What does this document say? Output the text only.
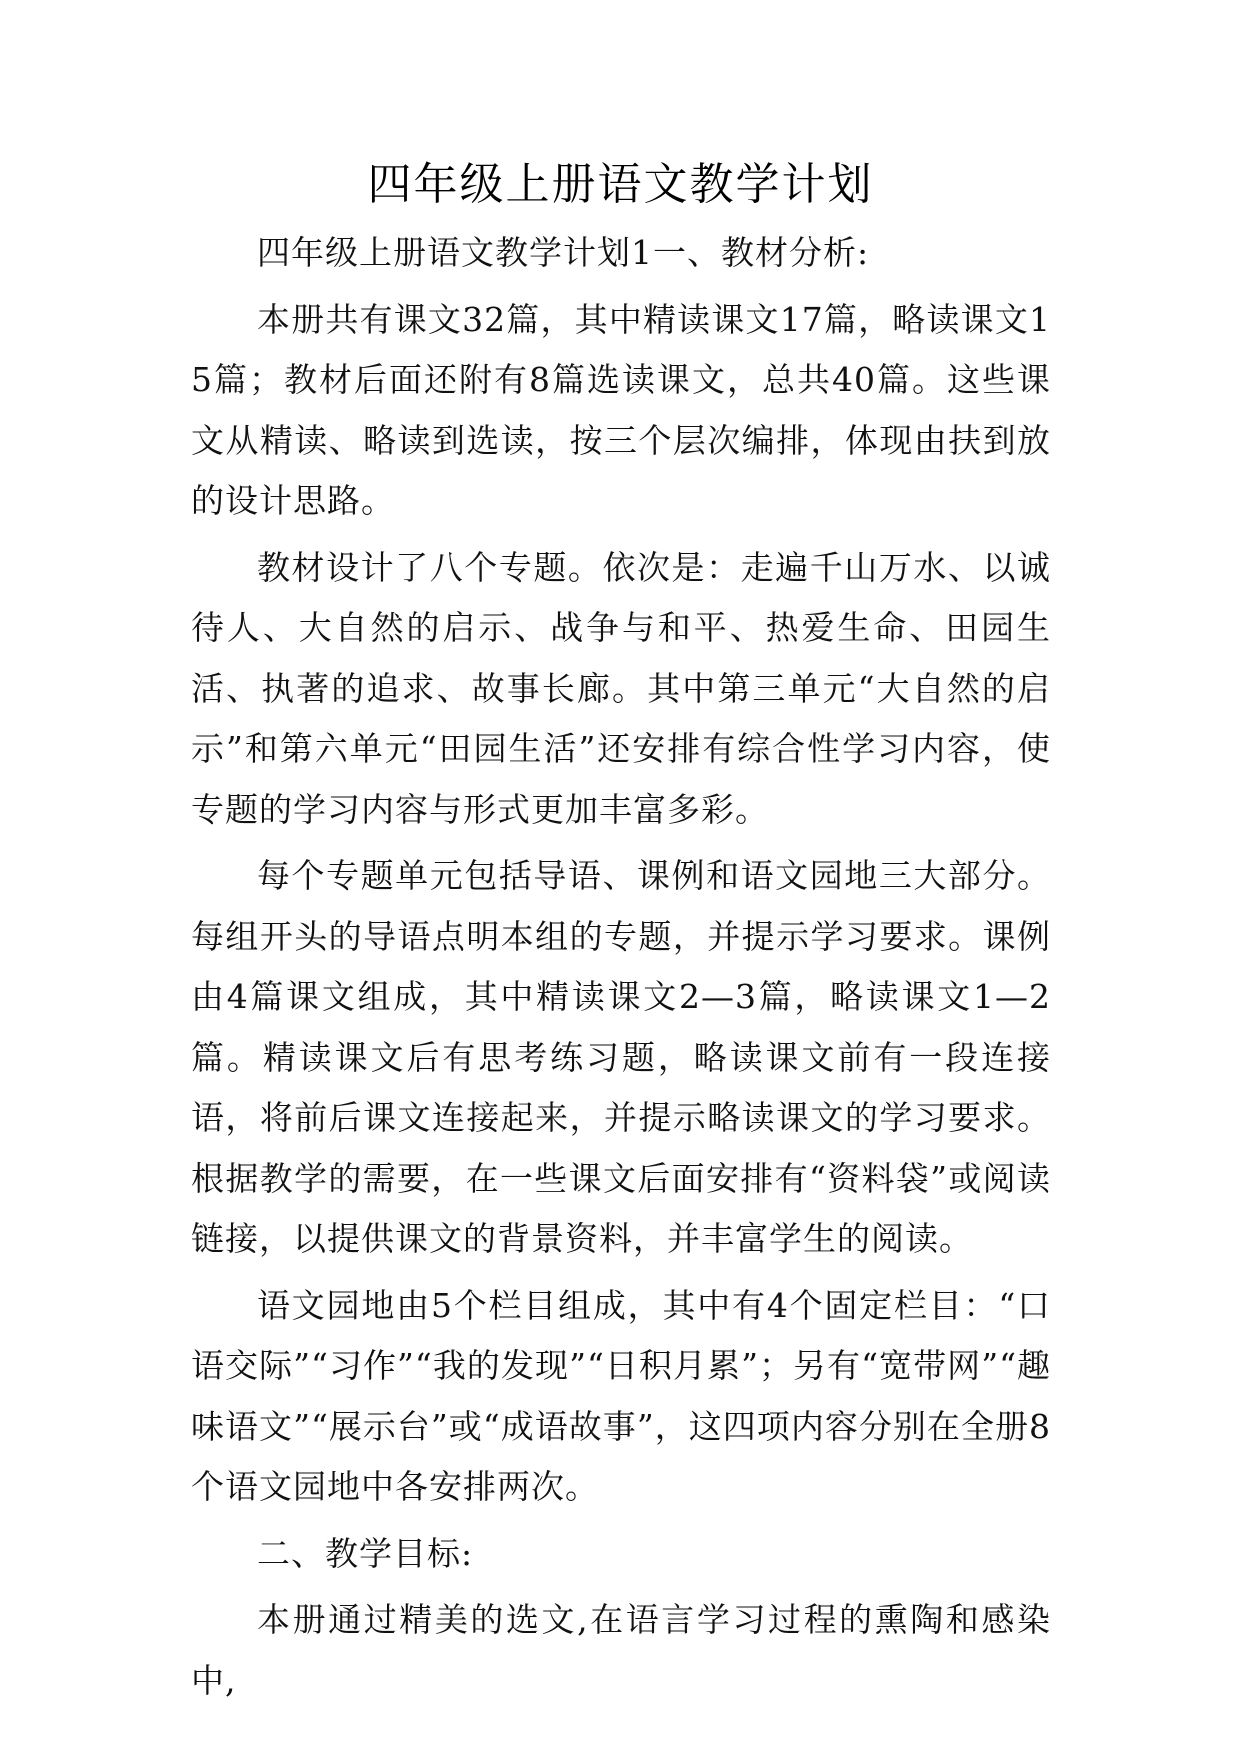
四年级上册语文教学计划

四年级上册语文教学计划1一、教材分析:

本册共有课文32篇，其中精读课文17篇，略读课文15篇；教材后面还附有8篇选读课文，总共40篇。这些课文从精读、略读到选读，按三个层次编排，体现由扶到放的设计思路。

教材设计了八个专题。依次是：走遍千山万水、以诚待人、大自然的启示、战争与和平、热爱生命、田园生活、执著的追求、故事长廊。其中第三单元“大自然的启示”和第六单元“田园生活”还安排有综合性学习内容，使专题的学习内容与形式更加丰富多彩。

每个专题单元包括导语、课例和语文园地三大部分。每组开头的导语点明本组的专题，并提示学习要求。课例由4篇课文组成，其中精读课文2—3篇，略读课文1—2篇。精读课文后有思考练习题，略读课文前有一段连接语，将前后课文连接起来，并提示略读课文的学习要求。根据教学的需要，在一些课文后面安排有“资料袋”或阅读链接，以提供课文的背景资料，并丰富学生的阅读。

语文园地由5个栏目组成，其中有4个固定栏目：“口语交际”“习作”“我的发现”“日积月累”；另有“宽带网”“趣味语文”“展示台”或“成语故事”，这四项内容分别在全册8个语文园地中各安排两次。

二、教学目标:

本册通过精美的选文,在语言学习过程的熏陶和感染中,
